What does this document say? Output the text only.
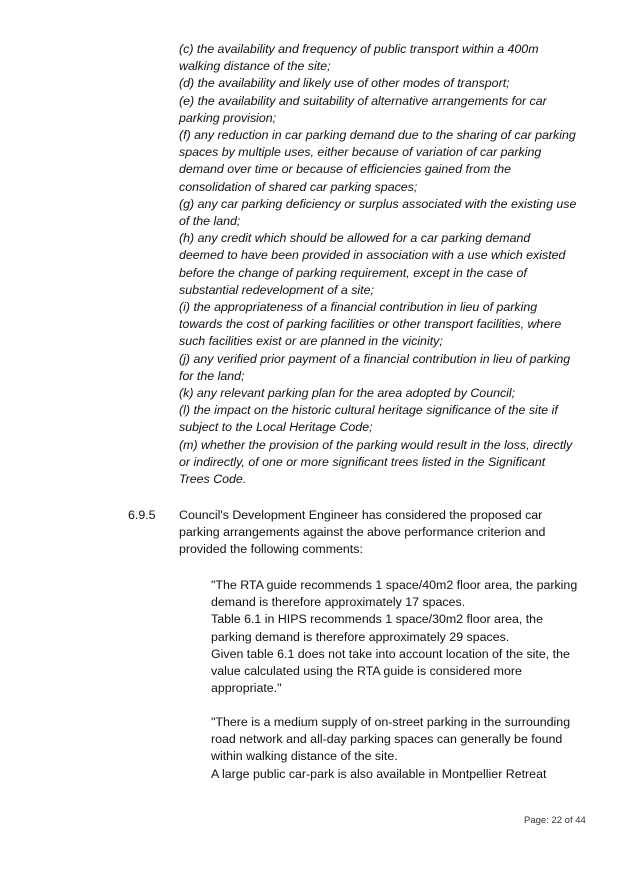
(c) the availability and frequency of public transport within a 400m
walking distance of the site;
(d) the availability and likely use of other modes of transport;
(e) the availability and suitability of alternative arrangements for car
parking provision;
(f) any reduction in car parking demand due to the sharing of car parking
spaces by multiple uses, either because of variation of car parking
demand over time or because of efficiencies gained from the
consolidation of shared car parking spaces;
(g) any car parking deficiency or surplus associated with the existing use
of the land;
(h) any credit which should be allowed for a car parking demand
deemed to have been provided in association with a use which existed
before the change of parking requirement, except in the case of
substantial redevelopment of a site;
(i) the appropriateness of a financial contribution in lieu of parking
towards the cost of parking facilities or other transport facilities, where
such facilities exist or are planned in the vicinity;
(j) any verified prior payment of a financial contribution in lieu of parking
for the land;
(k) any relevant parking plan for the area adopted by Council;
(l) the impact on the historic cultural heritage significance of the site if
subject to the Local Heritage Code;
(m) whether the provision of the parking would result in the loss, directly
or indirectly, of one or more significant trees listed in the Significant
Trees Code.
6.9.5 Council's Development Engineer has considered the proposed car
parking arrangements against the above performance criterion and
provided the following comments:
"The RTA guide recommends 1 space/40m2 floor area, the parking
demand is therefore approximately 17 spaces.
Table 6.1 in HIPS recommends 1 space/30m2 floor area, the
parking demand is therefore approximately 29 spaces.
Given table 6.1 does not take into account location of the site, the
value calculated using the RTA guide is considered more
appropriate."
"There is a medium supply of on-street parking in the surrounding
road network and all-day parking spaces can generally be found
within walking distance of the site.
A large public car-park is also available in Montpellier Retreat
Page: 22 of 44
